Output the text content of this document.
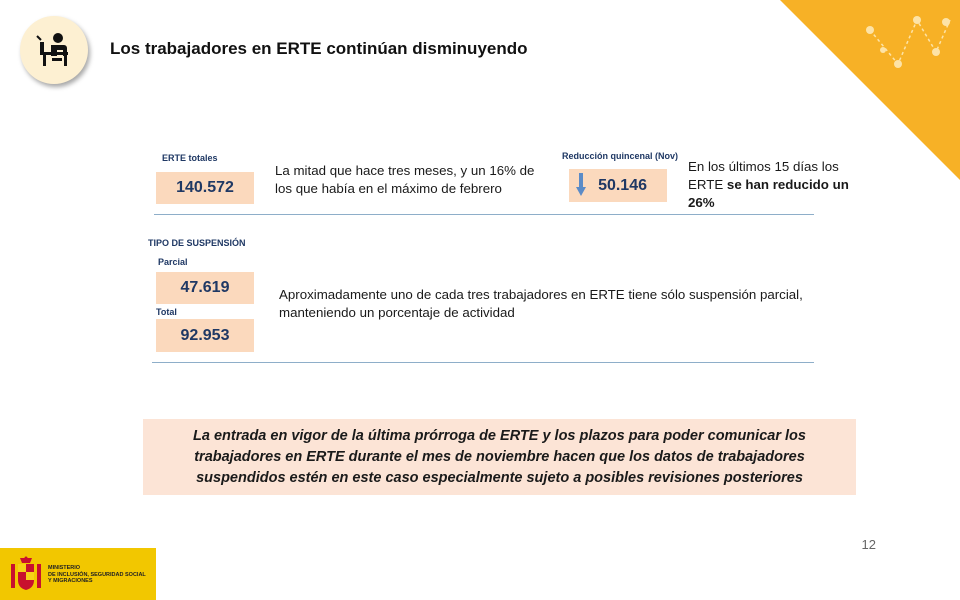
Los trabajadores en ERTE continúan disminuyendo
ERTE totales
140.572
La mitad que hace tres meses, y un 16% de los que había en el máximo de febrero
Reducción quincenal (Nov)
50.146
En los últimos 15 días los ERTE se han reducido un 26%
TIPO DE SUSPENSIÓN
Parcial
47.619
Total
92.953
Aproximadamente uno de cada tres trabajadores en ERTE tiene sólo suspensión parcial, manteniendo un porcentaje de actividad
La entrada en vigor de la última prórroga de ERTE y los plazos para poder comunicar los trabajadores en ERTE durante el mes de noviembre hacen que los datos de trabajadores suspendidos estén en este caso especialmente sujeto a posibles revisiones posteriores
12
MINISTERIO
DE INCLUSIÓN, SEGURIDAD SOCIAL
Y MIGRACIONES
